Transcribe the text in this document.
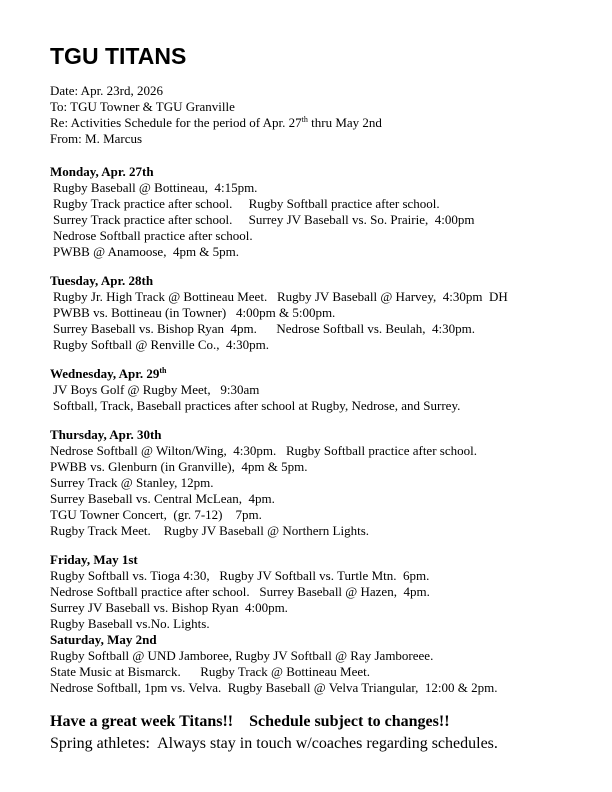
TGU TITANS
Date: Apr. 23rd, 2026
To: TGU Towner & TGU Granville
Re: Activities Schedule for the period of Apr. 27th thru May 2nd
From: M. Marcus
Monday, Apr. 27th
Rugby Baseball @ Bottineau,  4:15pm.
Rugby Track practice after school.     Rugby Softball practice after school.
Surrey Track practice after school.     Surrey JV Baseball vs. So. Prairie,  4:00pm
Nedrose Softball practice after school.
PWBB @ Anamoose,  4pm & 5pm.
Tuesday, Apr. 28th
Rugby Jr. High Track @ Bottineau Meet.   Rugby JV Baseball @ Harvey,  4:30pm  DH
PWBB vs. Bottineau (in Towner)   4:00pm & 5:00pm.
Surrey Baseball vs. Bishop Ryan  4pm.      Nedrose Softball vs. Beulah,  4:30pm.
Rugby Softball @ Renville Co.,  4:30pm.
Wednesday, Apr. 29th
JV Boys Golf @ Rugby Meet,   9:30am
Softball, Track, Baseball practices after school at Rugby, Nedrose, and Surrey.
Thursday, Apr. 30th
Nedrose Softball @ Wilton/Wing,  4:30pm.   Rugby Softball practice after school.
PWBB vs. Glenburn (in Granville),  4pm & 5pm.
Surrey Track @ Stanley, 12pm.
Surrey Baseball vs. Central McLean,  4pm.
TGU Towner Concert,  (gr. 7-12)    7pm.
Rugby Track Meet.    Rugby JV Baseball @ Northern Lights.
Friday, May 1st
Rugby Softball vs. Tioga 4:30,   Rugby JV Softball vs. Turtle Mtn.  6pm.
Nedrose Softball practice after school.   Surrey Baseball @ Hazen,  4pm.
Surrey JV Baseball vs. Bishop Ryan  4:00pm.
Rugby Baseball vs.No. Lights.
Saturday, May 2nd
Rugby Softball @ UND Jamboree, Rugby JV Softball @ Ray Jamboreee.
State Music at Bismarck.      Rugby Track @ Bottineau Meet.
Nedrose Softball, 1pm vs. Velva.  Rugby Baseball @ Velva Triangular,  12:00 & 2pm.
Have a great week Titans!!    Schedule subject to changes!!
Spring athletes:  Always stay in touch w/coaches regarding schedules.
